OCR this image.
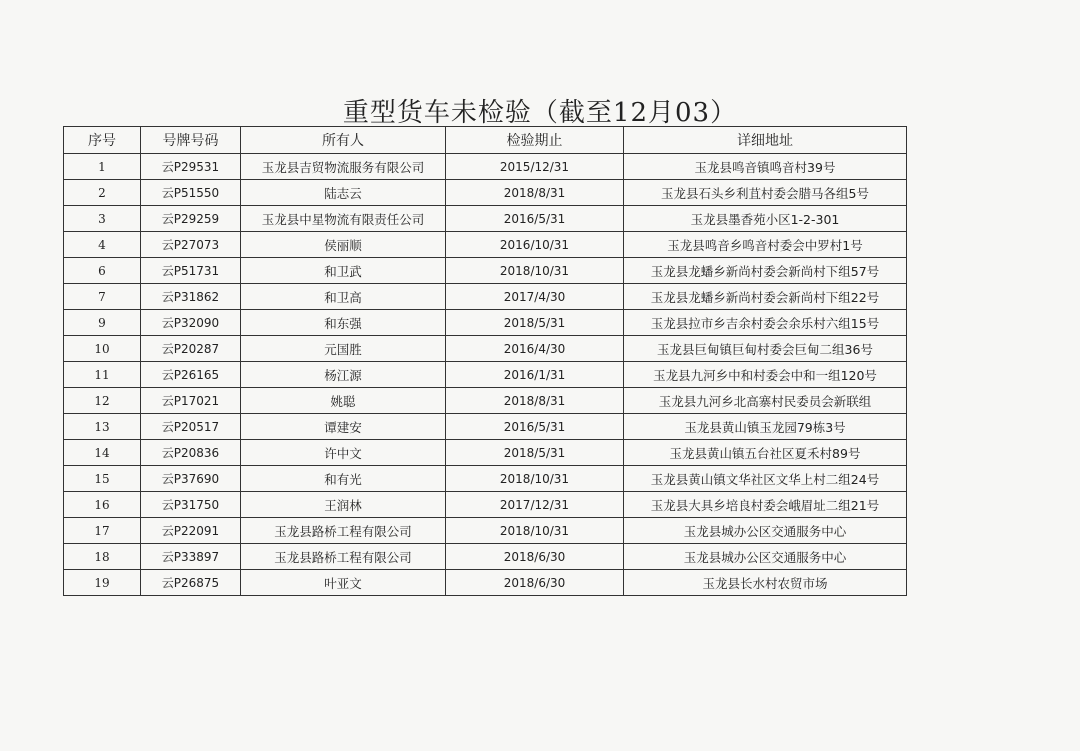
重型货车未检验（截至12月03）
序号	号牌号码	所有人	检验期止	详细地址
1	云P29531	玉龙县吉贸物流服务有限公司	2015/12/31	玉龙县鸣音镇鸣音村39号
2	云P51550	陆志云	2018/8/31	玉龙县石头乡利苴村委会腊马各组5号
3	云P29259	玉龙县中星物流有限责任公司	2016/5/31	玉龙县墨香苑小区1-2-301
4	云P27073	侯丽顺	2016/10/31	玉龙县鸣音乡鸣音村委会中罗村1号
6	云P51731	和卫武	2018/10/31	玉龙县龙蟠乡新尚村委会新尚村下组57号
7	云P31862	和卫高	2017/4/30	玉龙县龙蟠乡新尚村委会新尚村下组22号
9	云P32090	和东强	2018/5/31	玉龙县拉市乡吉余村委会余乐村六组15号
10	云P20287	元国胜	2016/4/30	玉龙县巨甸镇巨甸村委会巨甸二组36号
11	云P26165	杨江源	2016/1/31	玉龙县九河乡中和村委会中和一组120号
12	云P17021	姚聪	2018/8/31	玉龙县九河乡北高寨村民委员会新联组
13	云P20517	谭建安	2016/5/31	玉龙县黄山镇玉龙园79栋3号
14	云P20836	许中文	2018/5/31	玉龙县黄山镇五台社区夏禾村89号
15	云P37690	和有光	2018/10/31	玉龙县黄山镇文华社区文华上村二组24号
16	云P31750	王润林	2017/12/31	玉龙县大具乡培良村委会峨眉址二组21号
17	云P22091	玉龙县路桥工程有限公司	2018/10/31	玉龙县城办公区交通服务中心
18	云P33897	玉龙县路桥工程有限公司	2018/6/30	玉龙县城办公区交通服务中心
19	云P26875	叶亚文	2018/6/30	玉龙县长水村农贸市场
